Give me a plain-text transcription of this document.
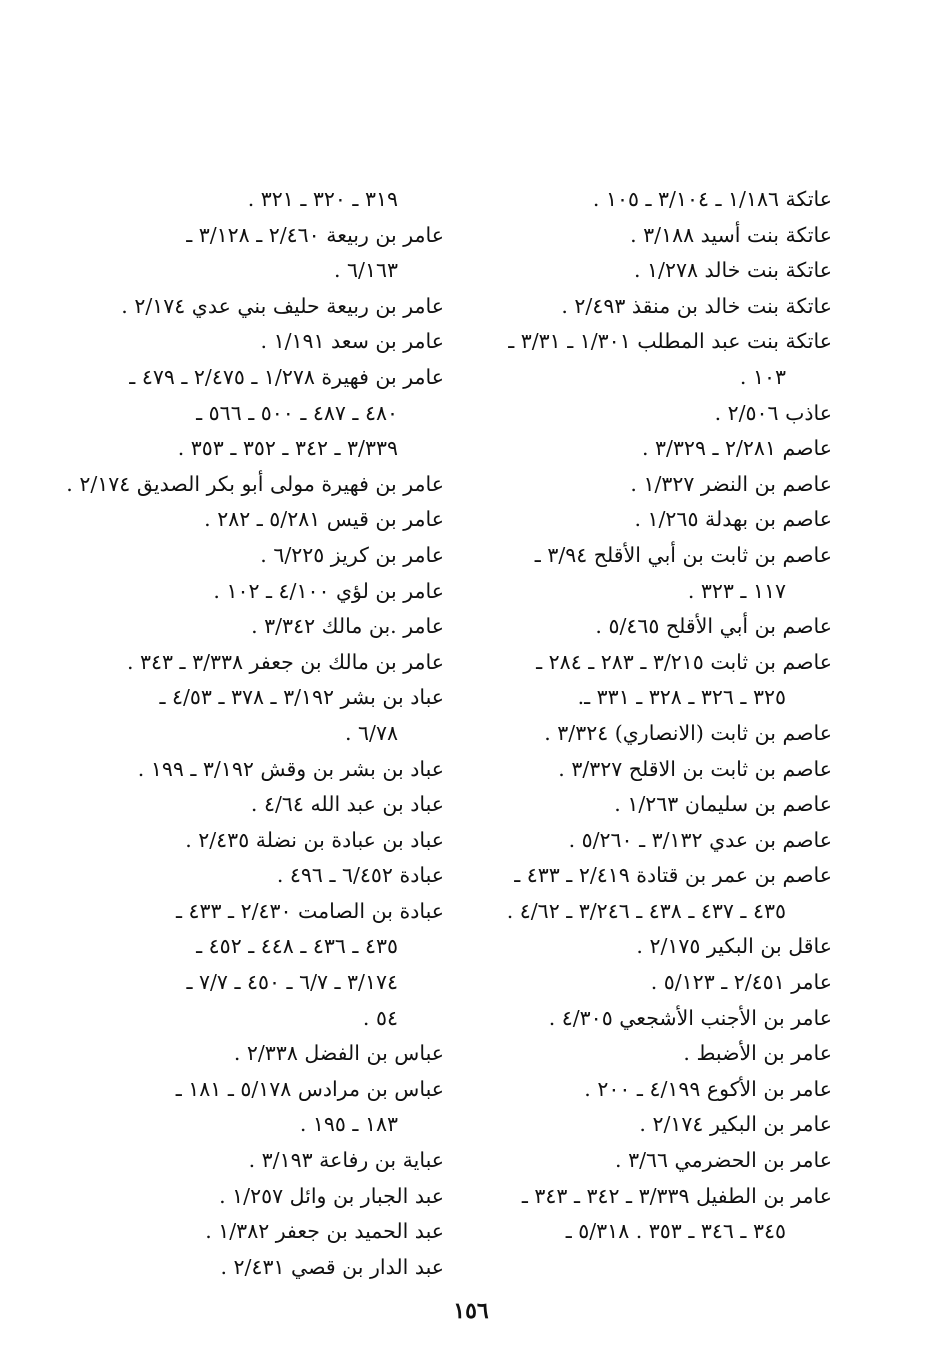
عاتكة ١/١٨٦ ـ ٣/١٠٤ ـ ١٠٥ .
عاتكة بنت أسيد ٣/١٨٨ .
عاتكة بنت خالد ١/٢٧٨ .
عاتكة بنت خالد بن منقذ ٢/٤٩٣ .
عاتكة بنت عبد المطلب ١/٣٠١ ـ ٣/٣١ ـ
١٠٣ .
عاذب ٢/٥٠٦ .
عاصم ٢/٢٨١ ـ ٣/٣٢٩ .
عاصم بن النضر ١/٣٢٧ .
عاصم بن بهدلة ١/٢٦٥ .
عاصم بن ثابت بن أبي الأقلح ٣/٩٤ ـ
١١٧ ـ ٣٢٣ .
عاصم بن أبي الأقلح ٥/٤٦٥ .
عاصم بن ثابت ٣/٢١٥ ـ ٢٨٣ ـ ٢٨٤ ـ
٣٢٥ ـ ٣٢٦ ـ ٣٢٨ ـ ٣٣١ ـ.
عاصم بن ثابت (الانصاري) ٣/٣٢٤ .
عاصم بن ثابت بن الاقلح ٣/٣٢٧ .
عاصم بن سليمان ١/٢٦٣ .
عاصم بن عدي ٣/١٣٢ ـ ٥/٢٦٠ .
عاصم بن عمر بن قتادة ٢/٤١٩ ـ ٤٣٣ ـ
٤٣٥ ـ ٤٣٧ ـ ٤٣٨ ـ ٣/٢٤٦ ـ ٤/٦٢ .
عاقل بن البكير ٢/١٧٥ .
عامر ٢/٤٥١ ـ ٥/١٢٣ .
عامر بن الأجنب الأشجعي ٤/٣٠٥ .
عامر بن الأضبط .
عامر بن الأكوع ٤/١٩٩ ـ ٢٠٠ .
عامر بن البكير ٢/١٧٤ .
عامر بن الحضرمي ٣/٦٦ .
عامر بن الطفيل ٣/٣٣٩ ـ ٣٤٢ ـ ٣٤٣ ـ
٣٤٥ ـ ٣٤٦ ـ ٣٥٣ . ٥/٣١٨ ـ
٣١٩ ـ ٣٢٠ ـ ٣٢١ .
عامر بن ربيعة ٢/٤٦٠ ـ ٣/١٢٨ ـ
٦/١٦٣ .
عامر بن ربيعة حليف بني عدي ٢/١٧٤ .
عامر بن سعد ١/١٩١ .
عامر بن فهيرة ١/٢٧٨ ـ ٢/٤٧٥ ـ ٤٧٩ ـ
٤٨٠ ـ ٤٨٧ ـ ٥٠٠ ـ ٥٦٦ ـ
٣/٣٣٩ ـ ٣٤٢ ـ ٣٥٢ ـ ٣٥٣ .
عامر بن فهيرة مولى أبو بكر الصديق ٢/١٧٤ .
عامر بن قيس ٥/٢٨١ ـ ٢٨٢ .
عامر بن كريز ٦/٢٢٥ .
عامر بن لؤي ٤/١٠٠ ـ ١٠٢ .
عامر .بن مالك ٣/٣٤٢ .
عامر بن مالك بن جعفر ٣/٣٣٨ ـ ٣٤٣ .
عباد بن بشر ٣/١٩٢ ـ ٣٧٨ ـ ٤/٥٣ ـ
٦/٧٨ .
عباد بن بشر بن وقش ٣/١٩٢ ـ ١٩٩ .
عباد بن عبد الله ٤/٦٤ .
عباد بن عبادة بن نضلة ٢/٤٣٥ .
عبادة ٦/٤٥٢ ـ ٤٩٦ .
عبادة بن الصامت ٢/٤٣٠ ـ ٤٣٣ ـ
٤٣٥ ـ ٤٣٦ ـ ٤٤٨ ـ ٤٥٢ ـ
٣/١٧٤ ـ ٦/٧ ـ ٤٥٠ ـ ٧/٧ ـ
٥٤ .
عباس بن الفضل ٢/٣٣٨ .
عباس بن مرادس ٥/١٧٨ ـ ١٨١ ـ
١٨٣ ـ ١٩٥ .
عباية بن رفاعة ٣/١٩٣ .
عبد الجبار بن وائل ١/٢٥٧ .
عبد الحميد بن جعفر ١/٣٨٢ .
عبد الدار بن قصي ٢/٤٣١ .
١٥٦
